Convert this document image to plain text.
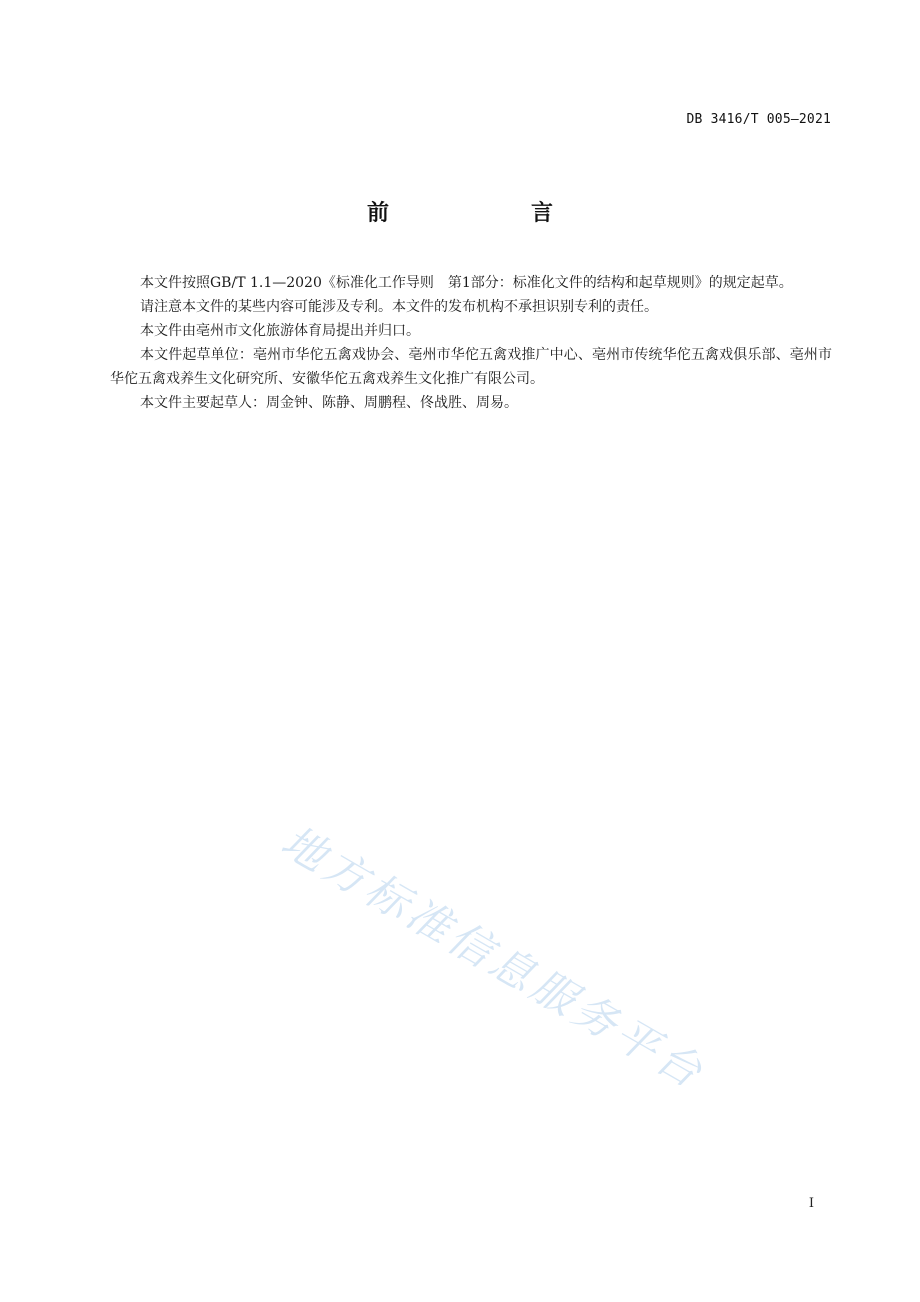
DB 3416/T 005—2021
前　言

本文件按照GB/T 1.1—2020《标准化工作导则　第1部分：标准化文件的结构和起草规则》的规定起草。

请注意本文件的某些内容可能涉及专利。本文件的发布机构不承担识别专利的责任。

本文件由亳州市文化旅游体育局提出并归口。

本文件起草单位：亳州市华佗五禽戏协会、亳州市华佗五禽戏推广中心、亳州市传统华佗五禽戏俱乐部、亳州市华佗五禽戏养生文化研究所、安徽华佗五禽戏养生文化推广有限公司。

本文件主要起草人：周金钟、陈静、周鹏程、佟战胜、周易。

地方标准信息服务平台
I
